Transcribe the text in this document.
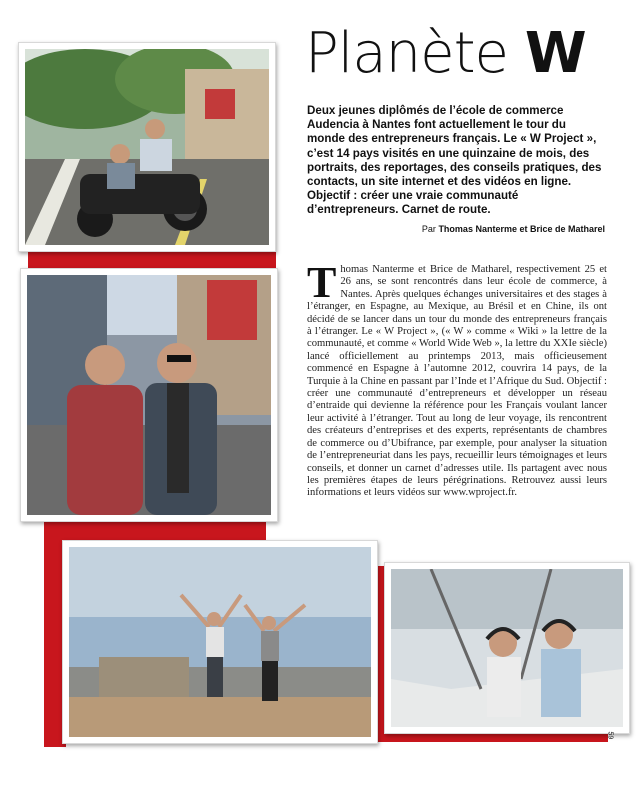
Planète W
Deux jeunes diplômés de l’école de commerce Audencia à Nantes font actuellement le tour du monde des entrepreneurs français. Le « W Project », c’est 14 pays visités en une quinzaine de mois, des portraits, des reportages, des conseils pratiques, des contacts, un site internet et des vidéos en ligne. Objectif : créer une vraie communauté d’entrepreneurs. Carnet de route.
Par Thomas Nanterme et Brice de Matharel
Thomas Nanterme et Brice de Matharel, respectivement 25 et 26 ans, se sont rencontrés dans leur école de commerce, à Nantes. Après quelques échanges universitaires et des stages à l’étranger, en Espagne, au Mexique, au Brésil et en Chine, ils ont décidé de se lancer dans un tour du monde des entrepreneurs français à l’étranger. Le « W Project », (« W » comme « Wiki » la lettre de la communauté, et comme « World Wide Web », la lettre du XXIe siècle) lancé officiellement au printemps 2013, mais officieusement commencé en Espagne à l’automne 2012, couvrira 14 pays, de la Turquie à la Chine en passant par l’Inde et l’Afrique du Sud. Objectif : créer une communauté d’entrepreneurs et développer un réseau d’entraide qui devienne la référence pour les Français voulant lancer leur activité à l’étranger. Tout au long de leur voyage, ils rencontrent des créateurs d’entreprises et des experts, représentants de chambres de commerce ou d’Ubifrance, par exemple, pour analyser la situation de l’entrepreneuriat dans les pays, recueillir leurs témoignages et leurs conseils, et donner un carnet d’adresses utile. Ils partagent avec nous les premières étapes de leurs pérégrinations. Retrouvez aussi leurs informations et leurs vidéos sur www.wproject.fr.
59
